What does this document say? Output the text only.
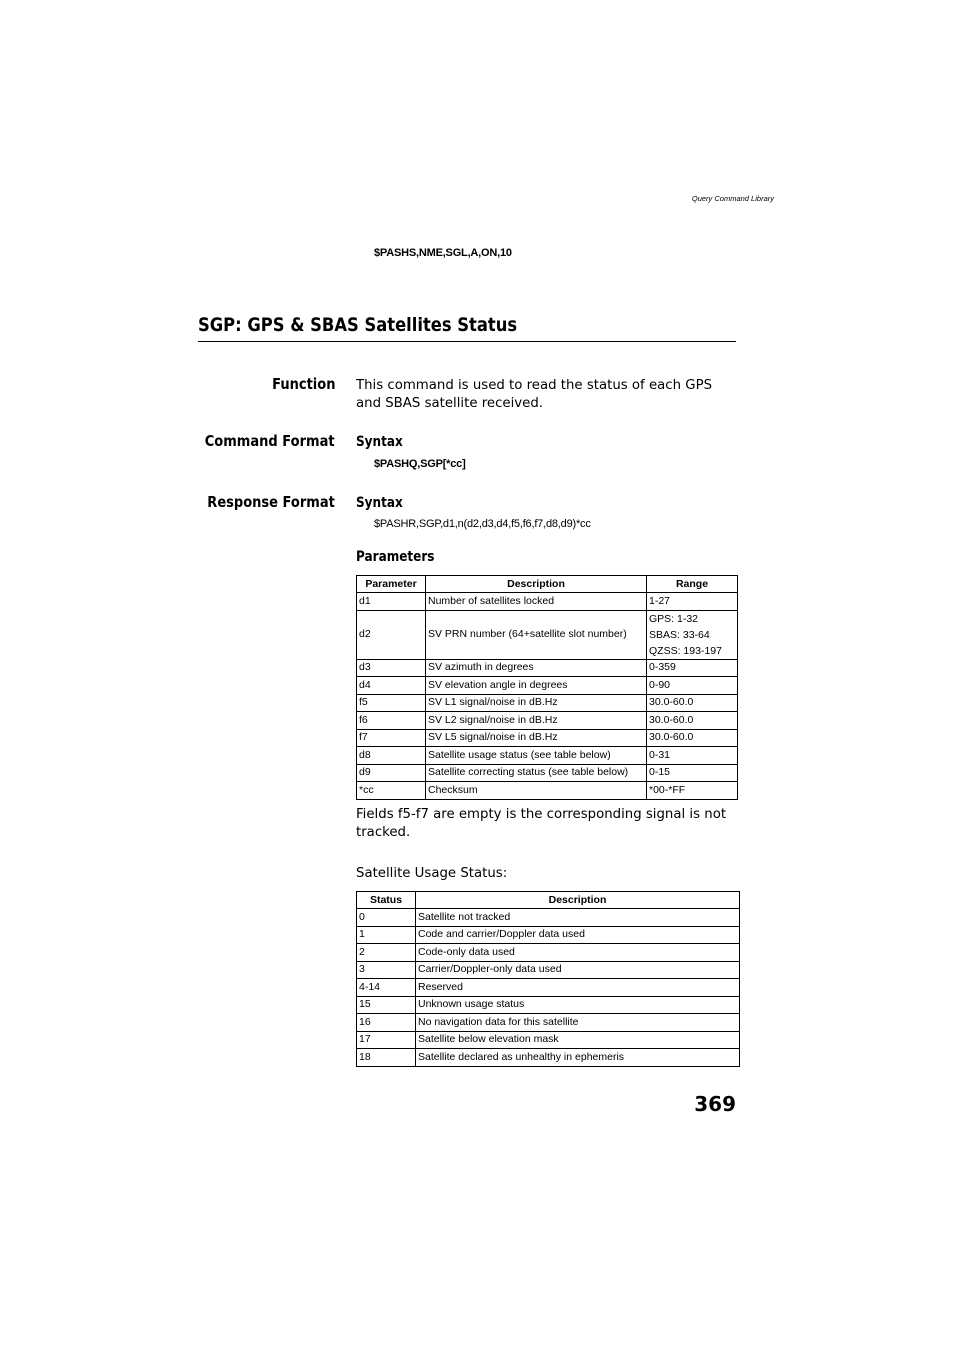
Query Command Library
$PASHS,NME,SGL,A,ON,10
SGP: GPS & SBAS Satellites Status
Function This command is used to read the status of each GPS and SBAS satellite received.
Command Format Syntax
$PASHQ,SGP[*cc]
Response Format Syntax
$PASHR,SGP,d1,n(d2,d3,d4,f5,f6,f7,d8,d9)*cc
Parameters
Parameter	Description	Range
d1	Number of satellites locked	1-27
d2	SV PRN number (64+satellite slot number)	GPS: 1-32
SBAS: 33-64
QZSS: 193-197

d3	SV azimuth in degrees	0-359
d4	SV elevation angle in degrees	0-90
f5	SV L1 signal/noise in dB.Hz	30.0-60.0
f6	SV L2 signal/noise in dB.Hz	30.0-60.0
f7	SV L5 signal/noise in dB.Hz	30.0-60.0
d8	Satellite usage status (see table below)	0-31
d9	Satellite correcting status (see table below)	0-15
*cc	Checksum	*00-*FF
Fields f5-f7 are empty is the corresponding signal is not tracked.
Satellite Usage Status:
Status	Description
0	Satellite not tracked
1	Code and carrier/Doppler data used
2	Code-only data used
3	Carrier/Doppler-only data used
4-14	Reserved
15	Unknown usage status
16	No navigation data for this satellite
17	Satellite below elevation mask
18	Satellite declared as unhealthy in ephemeris
369
